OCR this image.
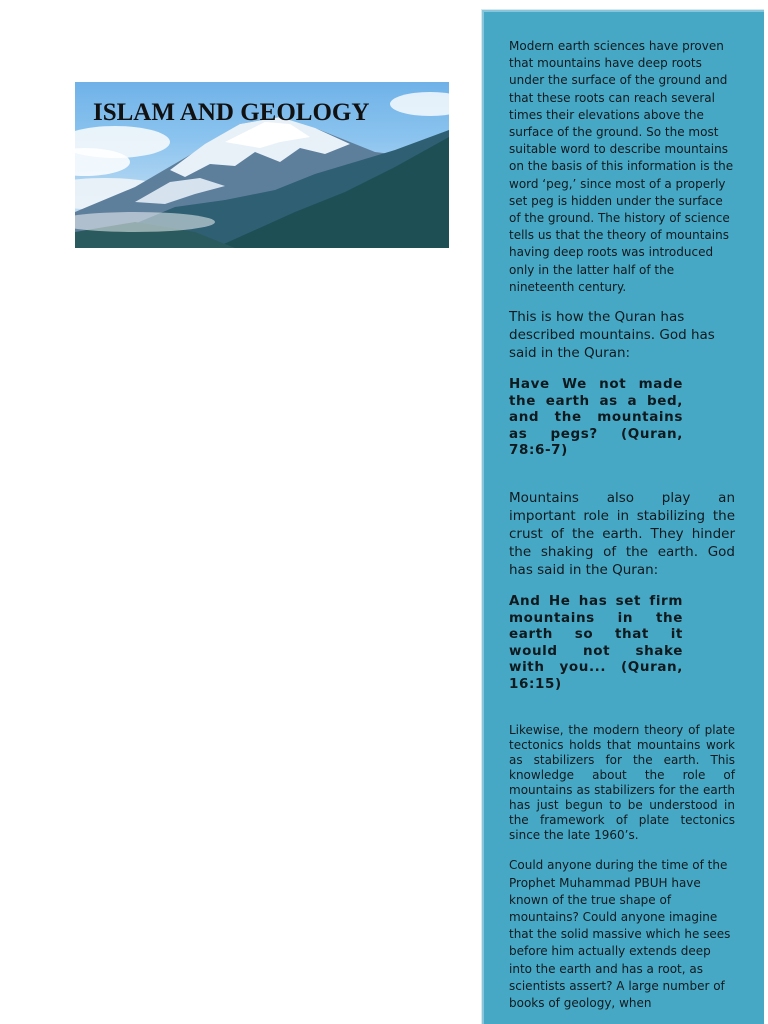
ISLAM AND GEOLOGY

Modern earth sciences have proven that mountains have deep roots under the surface of the ground and that these roots can reach several times their elevations above the surface of the ground. So the most suitable word to describe mountains on the basis of this information is the word ‘peg,’ since most of a properly set peg is hidden under the surface of the ground. The history of science tells us that the theory of mountains having deep roots was introduced only in the latter half of the nineteenth century.

This is how the Quran has described mountains. God has said in the Quran:

Have We not made the earth as a bed, and the mountains as pegs? (Quran, 78:6-7)

Mountains also play an important role in stabilizing the crust of the earth. They hinder the shaking of the earth. God has said in the Quran:

And He has set firm mountains in the earth so that it would not shake with you... (Quran, 16:15)

Likewise, the modern theory of plate tectonics holds that mountains work as stabilizers for the earth. This knowledge about the role of mountains as stabilizers for the earth has just begun to be understood in the framework of plate tectonics since the late 1960’s.

Could anyone during the time of the Prophet Muhammad PBUH have known of the true shape of mountains? Could anyone imagine that the solid massive which he sees before him actually extends deep into the earth and has a root, as scientists assert? A large number of books of geology, when
